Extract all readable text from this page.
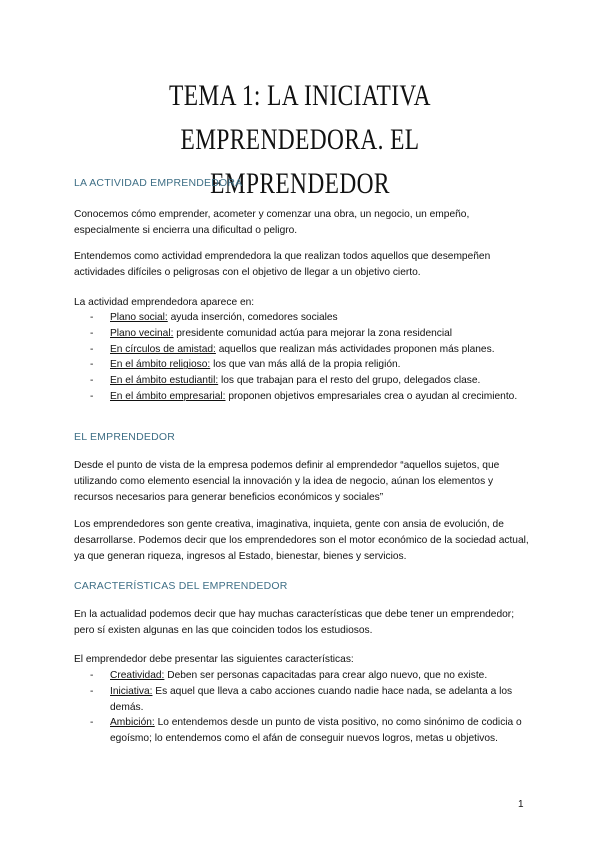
TEMA 1: LA INICIATIVA EMPRENDEDORA. EL EMPRENDEDOR
LA ACTIVIDAD EMPRENDEDORA
Conocemos cómo emprender, acometer y comenzar una obra, un negocio, un empeño, especialmente si encierra una dificultad o peligro.
Entendemos como actividad emprendedora la que realizan todos aquellos que desempeñen actividades difíciles o peligrosas con el objetivo de llegar a un objetivo cierto.
La actividad emprendedora aparece en:
- Plano social: ayuda inserción, comedores sociales
- Plano vecinal: presidente comunidad actúa para mejorar la zona residencial
- En círculos de amistad: aquellos que realizan más actividades proponen más planes.
- En el ámbito religioso: los que van más allá de la propia religión.
- En el ámbito estudiantil: los que trabajan para el resto del grupo, delegados clase.
- En el ámbito empresarial: proponen objetivos empresariales crea o ayudan al crecimiento.
EL EMPRENDEDOR
Desde el punto de vista de la empresa podemos definir al emprendedor “aquellos sujetos, que utilizando como elemento esencial la innovación y la idea de negocio, aúnan los elementos y recursos necesarios para generar beneficios económicos y sociales”
Los emprendedores son gente creativa, imaginativa, inquieta, gente con ansia de evolución, de desarrollarse. Podemos decir que los emprendedores son el motor económico de la sociedad actual, ya que generan riqueza, ingresos al Estado, bienestar, bienes y servicios.
CARACTERÍSTICAS DEL EMPRENDEDOR
En la actualidad podemos decir que hay muchas características que debe tener un emprendedor; pero sí existen algunas en las que coinciden todos los estudiosos.
El emprendedor debe presentar las siguientes características:
- Creatividad: Deben ser personas capacitadas para crear algo nuevo, que no existe.
- Iniciativa: Es aquel que lleva a cabo acciones cuando nadie hace nada, se adelanta a los demás.
- Ambición: Lo entendemos desde un punto de vista positivo, no como sinónimo de codicia o egoísmo; lo entendemos como el afán de conseguir nuevos logros, metas u objetivos.
1
